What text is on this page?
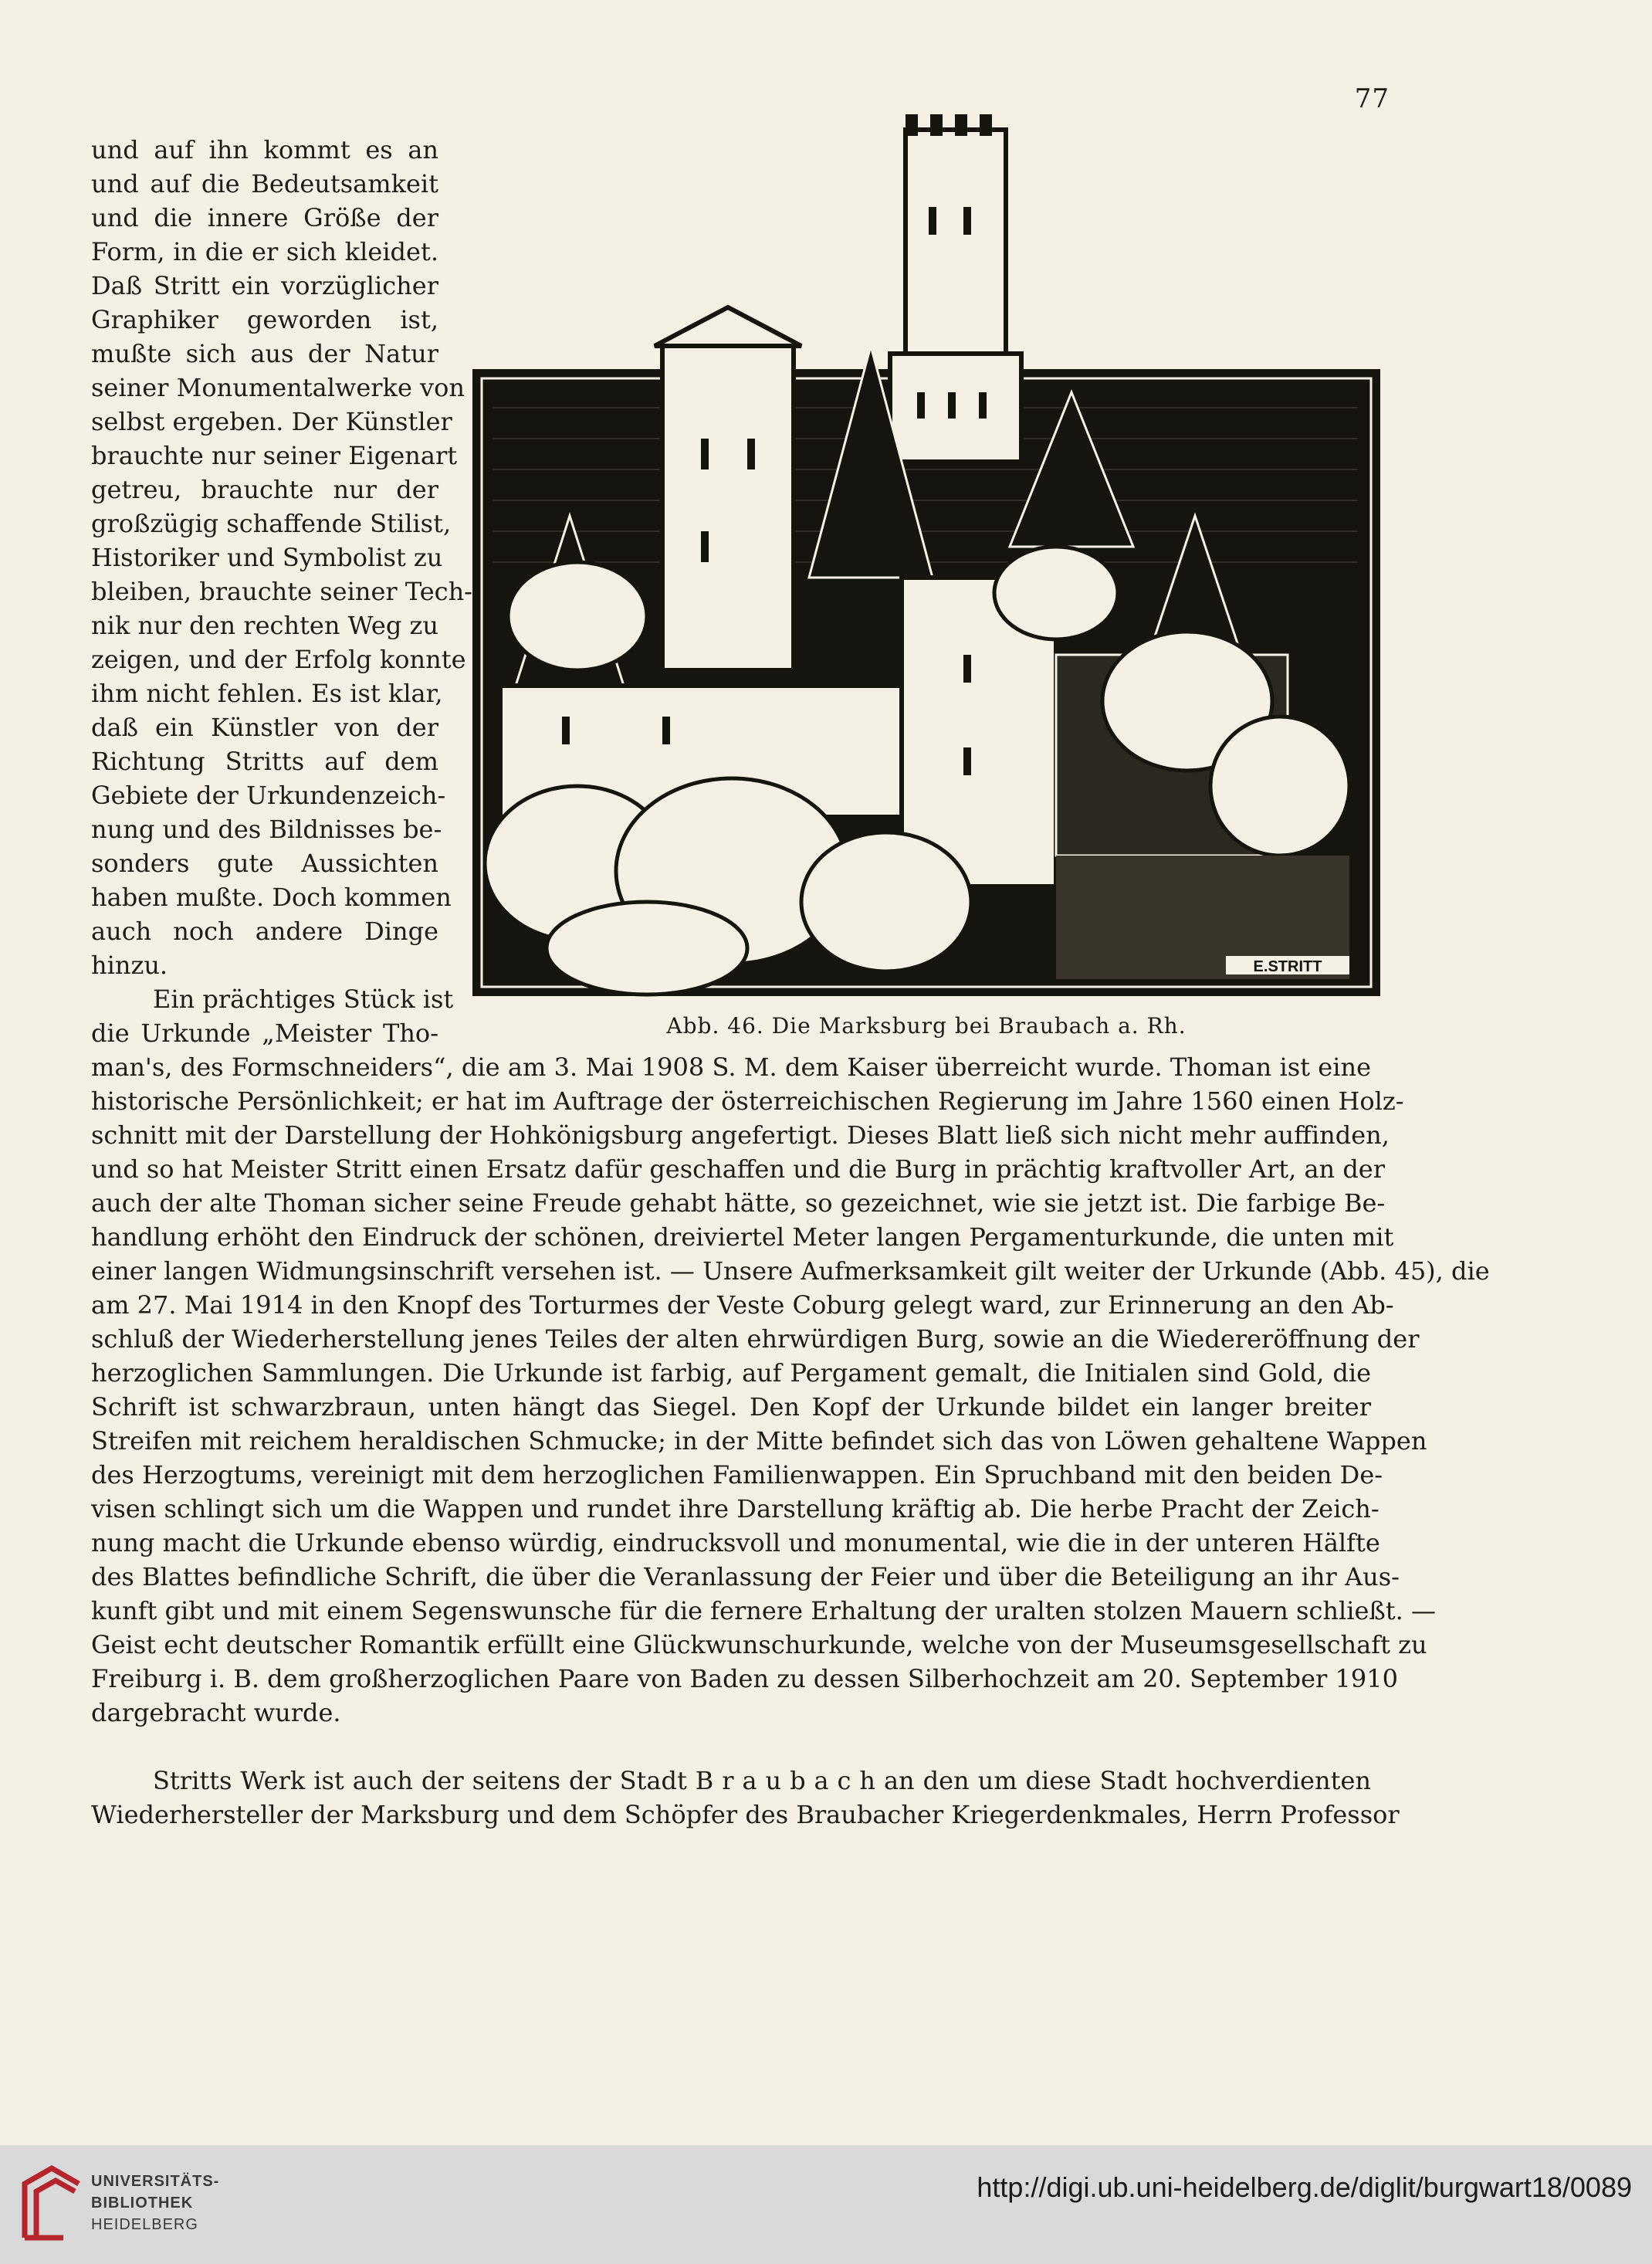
77
und auf ihn kommt es an
und auf die Bedeutsamkeit
und die innere Größe der
Form, in die er sich kleidet.
Daß Stritt ein vorzüglicher
Graphiker geworden ist,
mußte sich aus der Natur
seiner Monumentalwerke von
selbst ergeben. Der Künstler
brauchte nur seiner Eigenart
getreu, brauchte nur der
großzügig schaffende Stilist,
Historiker und Symbolist zu
bleiben, brauchte seiner Tech-
nik nur den rechten Weg zu
zeigen, und der Erfolg konnte
ihm nicht fehlen. Es ist klar,
daß ein Künstler von der
Richtung Stritts auf dem
Gebiete der Urkundenzeich-
nung und des Bildnisses be-
sonders gute Aussichten
haben mußte. Doch kommen
auch noch andere Dinge
hinzu.
Ein prächtiges Stück ist
die Urkunde „Meister Tho-
E.STRITT
Abb. 46. Die Marksburg bei Braubach a. Rh.
man's, des Formschneiders“, die am 3. Mai 1908 S. M. dem Kaiser überreicht wurde. Thoman ist eine
historische Persönlichkeit; er hat im Auftrage der österreichischen Regierung im Jahre 1560 einen Holz-
schnitt mit der Darstellung der Hohkönigsburg angefertigt. Dieses Blatt ließ sich nicht mehr auffinden,
und so hat Meister Stritt einen Ersatz dafür geschaffen und die Burg in prächtig kraftvoller Art, an der
auch der alte Thoman sicher seine Freude gehabt hätte, so gezeichnet, wie sie jetzt ist. Die farbige Be-
handlung erhöht den Eindruck der schönen, dreiviertel Meter langen Pergamenturkunde, die unten mit
einer langen Widmungsinschrift versehen ist. — Unsere Aufmerksamkeit gilt weiter der Urkunde (Abb. 45), die
am 27. Mai 1914 in den Knopf des Torturmes der Veste Coburg gelegt ward, zur Erinnerung an den Ab-
schluß der Wiederherstellung jenes Teiles der alten ehrwürdigen Burg, sowie an die Wiedereröffnung der
herzoglichen Sammlungen. Die Urkunde ist farbig, auf Pergament gemalt, die Initialen sind Gold, die
Schrift ist schwarzbraun, unten hängt das Siegel. Den Kopf der Urkunde bildet ein langer breiter
Streifen mit reichem heraldischen Schmucke; in der Mitte befindet sich das von Löwen gehaltene Wappen
des Herzogtums, vereinigt mit dem herzoglichen Familienwappen. Ein Spruchband mit den beiden De-
visen schlingt sich um die Wappen und rundet ihre Darstellung kräftig ab. Die herbe Pracht der Zeich-
nung macht die Urkunde ebenso würdig, eindrucksvoll und monumental, wie die in der unteren Hälfte
des Blattes befindliche Schrift, die über die Veranlassung der Feier und über die Beteiligung an ihr Aus-
kunft gibt und mit einem Segenswunsche für die fernere Erhaltung der uralten stolzen Mauern schließt. —
Geist echt deutscher Romantik erfüllt eine Glückwunschurkunde, welche von der Museumsgesellschaft zu
Freiburg i. B. dem großherzoglichen Paare von Baden zu dessen Silberhochzeit am 20. September 1910
dargebracht wurde.
Stritts Werk ist auch der seitens der Stadt B r a u b a c h an den um diese Stadt hochverdienten
Wiederhersteller der Marksburg und dem Schöpfer des Braubacher Kriegerdenkmales, Herrn Professor
UNIVERSITÄTS-
BIBLIOTHEK
HEIDELBERG
http://digi.ub.uni-heidelberg.de/diglit/burgwart18/0089
